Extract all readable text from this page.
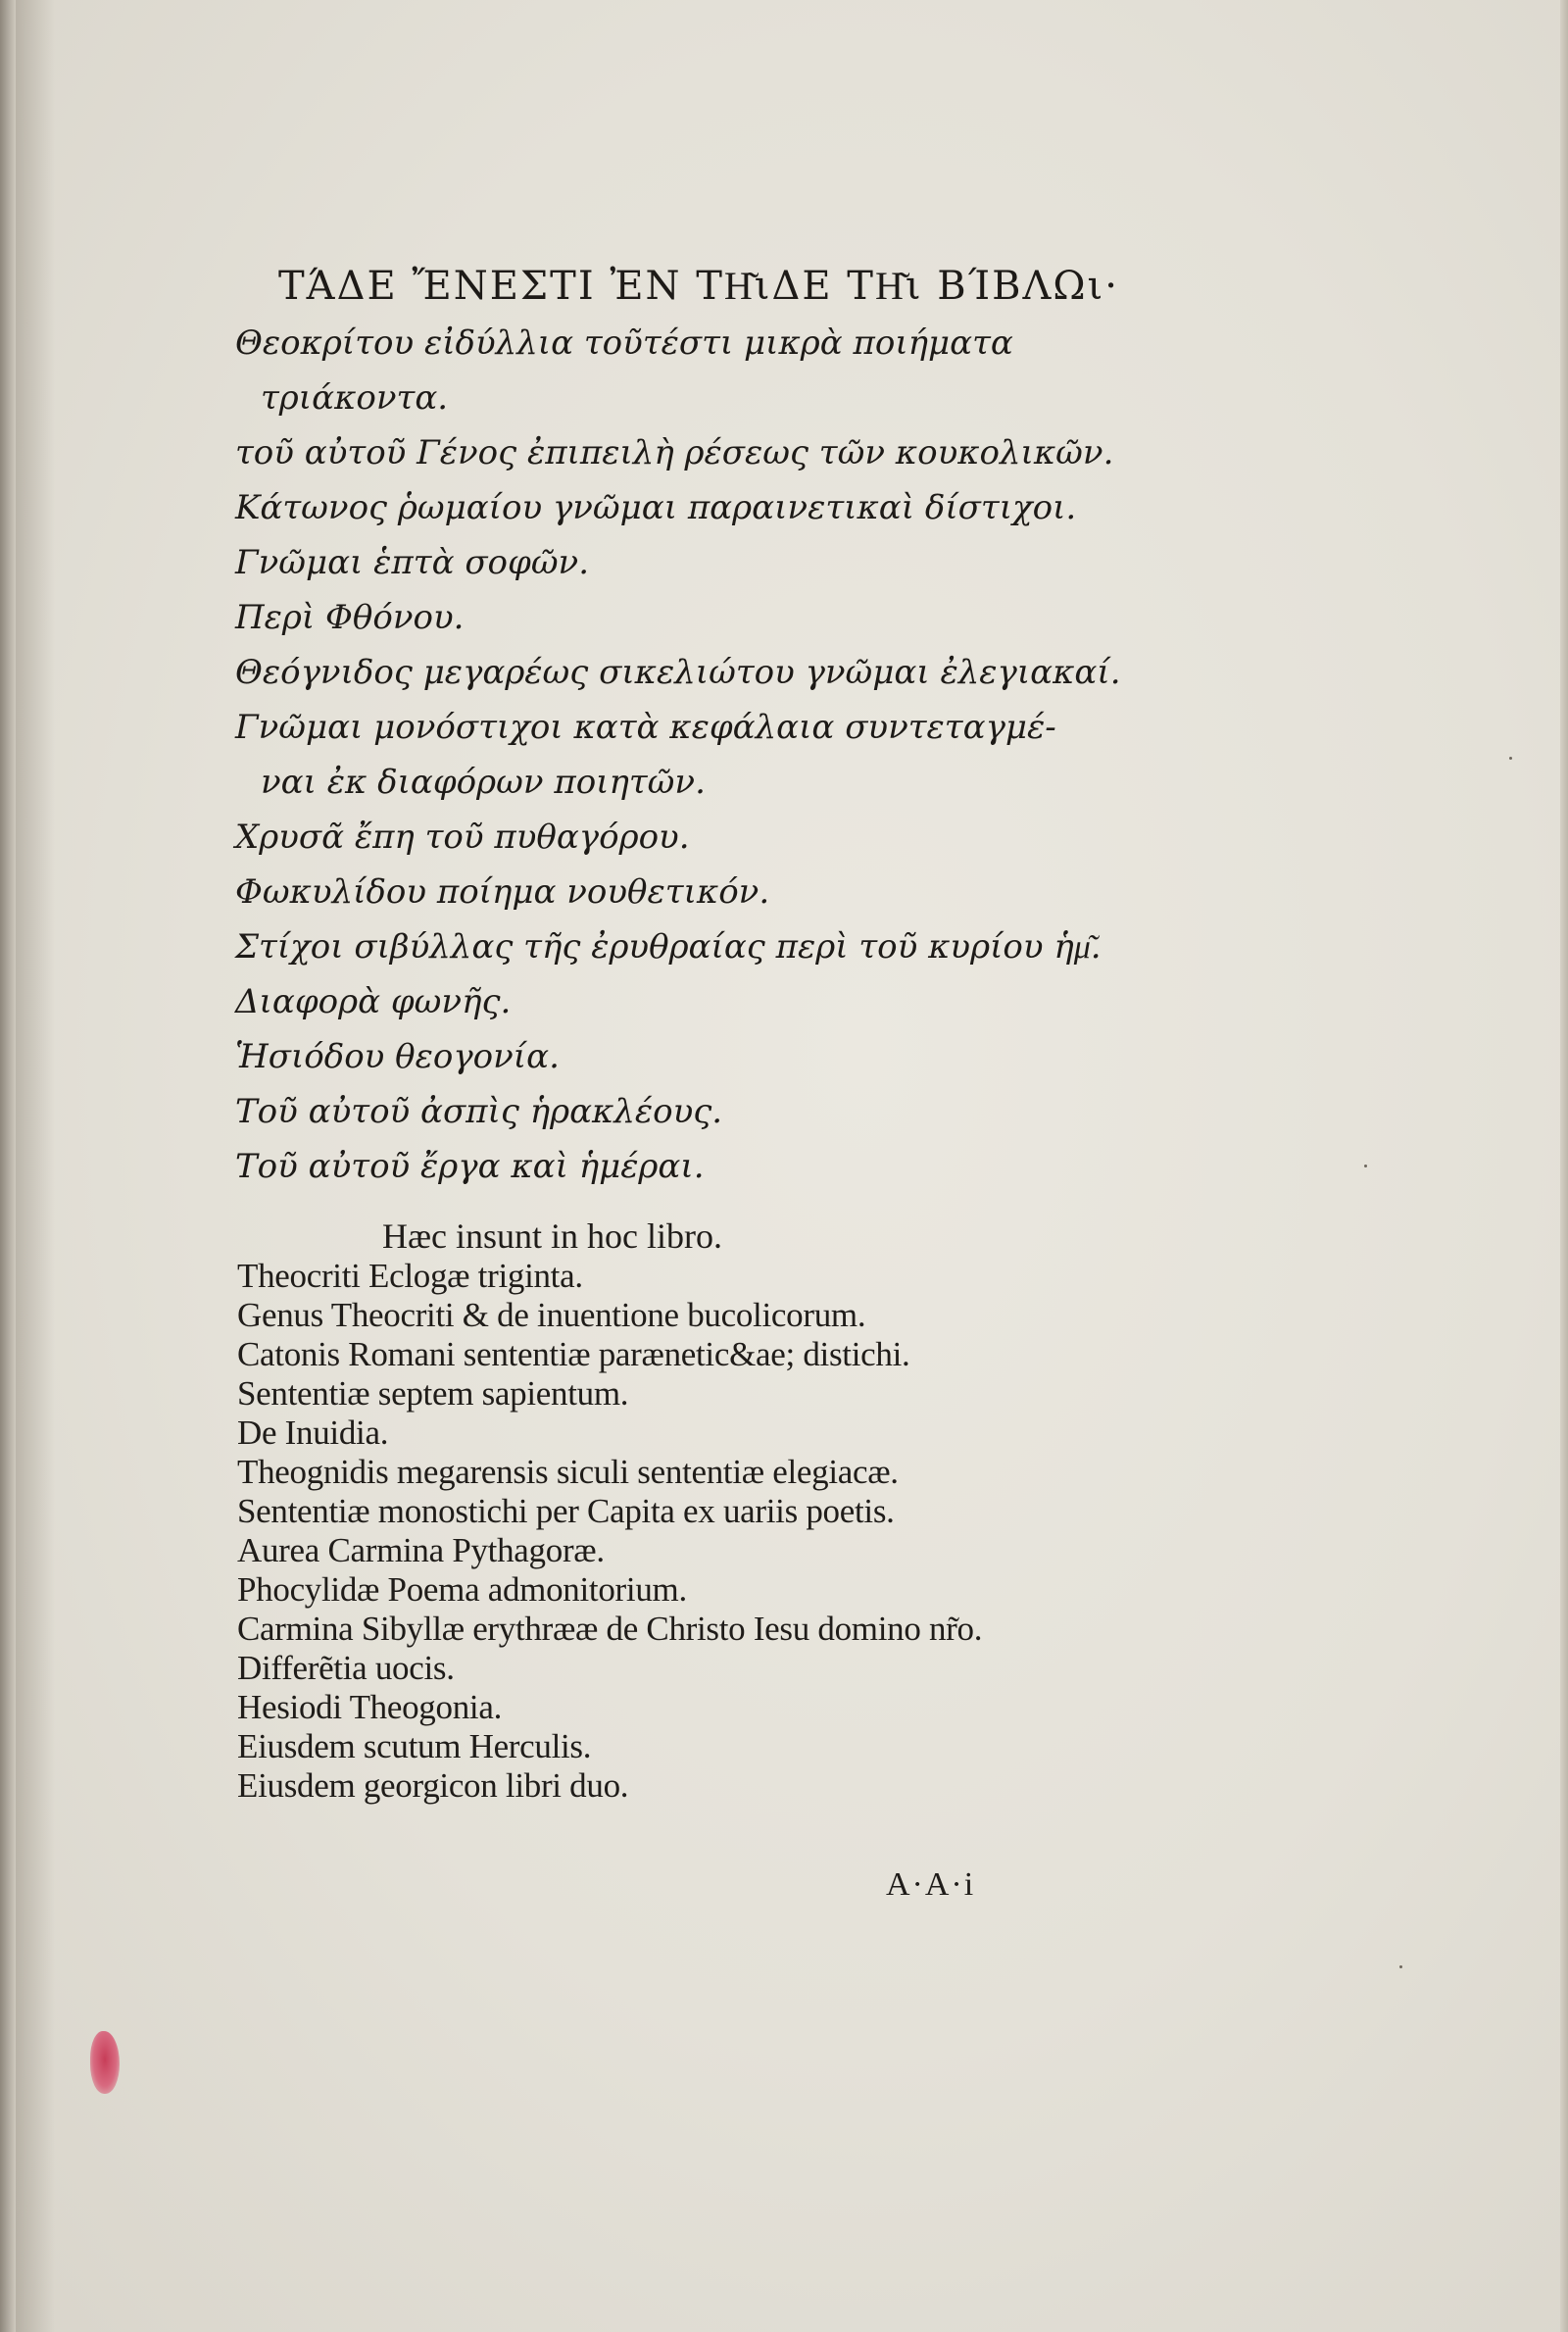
ΤΆΔΕ ἜΝΕΣΤΙ ἘΝ ΤΗ͂ιΔΕ ΤΗ͂ι ΒΊΒΛΩι·
Θεοκρίτου εἰδύλλια τοῦτέστι μικρὰ ποιήματα
τριάκοντα.
τοῦ αὐτοῦ Γένος ἐπιπειλὴ ρέσεως τῶν κουκολικῶν.
Κάτωνος ῥωμαίου γνῶμαι παραινετικαὶ δίστιχοι.
Γνῶμαι ἑπτὰ σοφῶν.
Περὶ Φθόνου.
Θεόγνιδος μεγαρέως σικελιώτου γνῶμαι ἐλεγιακαί.
Γνῶμαι μονόστιχοι κατὰ κεφάλαια συντεταγμέ-
ναι ἐκ διαφόρων ποιητῶν.
Χρυσᾶ ἔπη τοῦ πυθαγόρου.
Φωκυλίδου ποίημα νουθετικόν.
Στίχοι σιβύλλας τῆς ἐρυθραίας περὶ τοῦ κυρίου ἡμ͂.
Διαφορὰ φωνῆς.
Ἡσιόδου θεογονία.
Τοῦ αὐτοῦ ἀσπὶς ἡρακλέους.
Τοῦ αὐτοῦ ἔργα καὶ ἡμέραι.
Hæc insunt in hoc libro.
Theocriti Eclogæ triginta.
Genus Theocriti & de inuentione bucolicorum.
Catonis Romani sententiæ parænetic&ae; distichi.
Sententiæ septem sapientum.
De Inuidia.
Theognidis megarensis siculi sententiæ elegiacæ.
Sententiæ monostichi per Capita ex uariis poetis.
Aurea Carmina Pythagoræ.
Phocylidæ Poema admonitorium.
Carmina Sibyllæ erythrææ de Christo Iesu domino nr̃o.
Differẽtia uocis.
Hesiodi Theogonia.
Eiusdem scutum Herculis.
Eiusdem georgicon libri duo.
A·A·i
